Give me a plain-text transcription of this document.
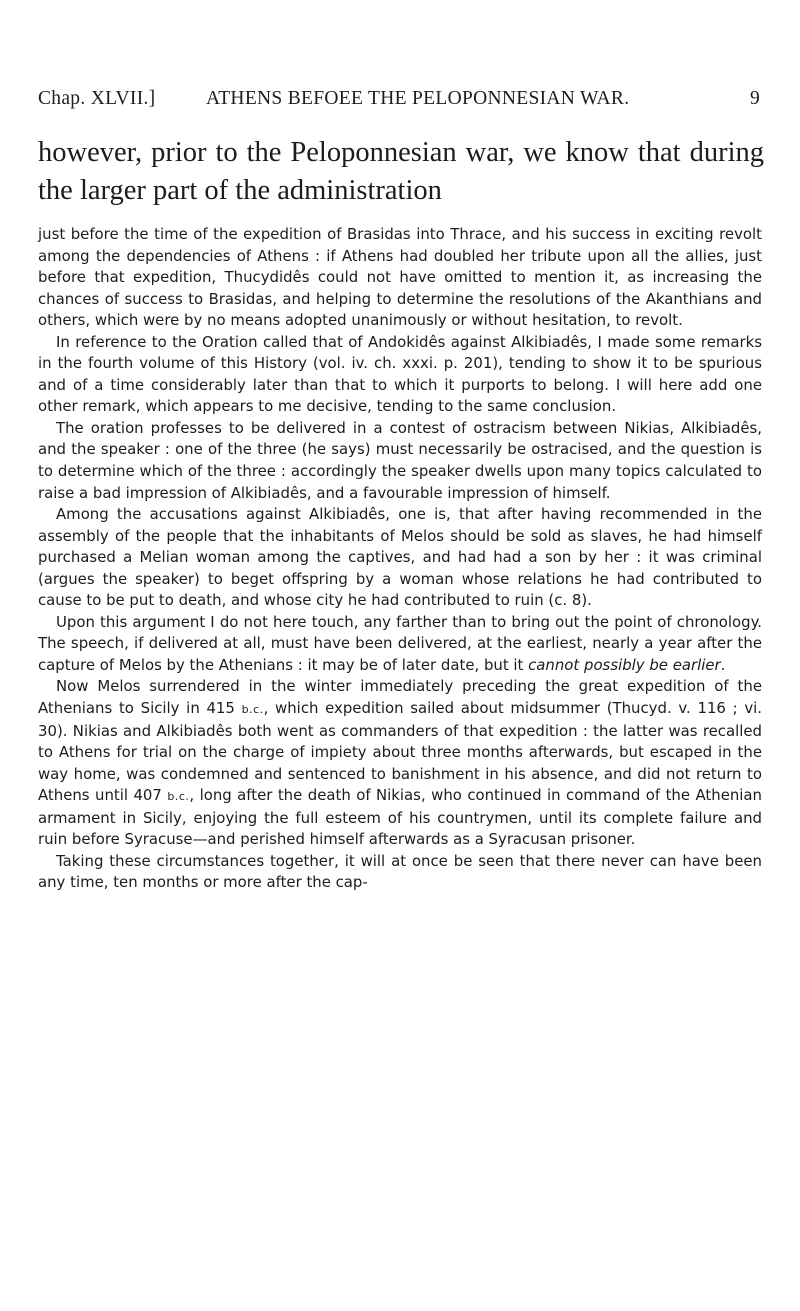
Chap. XLVII.]	ATHENS BEFOEE THE PELOPONNESIAN WAR.	9

however, prior to the Peloponnesian war, we know that during the larger part of the administration

just before the time of the expedition of Brasidas into Thrace, and his success in exciting revolt among the dependencies of Athens : if Athens had doubled her tribute upon all the allies, just before that expedition, Thucydidês could not have omitted to mention it, as increasing the chances of success to Brasidas, and helping to determine the resolutions of the Akanthians and others, which were by no means adopted unanimously or without hesitation, to revolt.

In reference to the Oration called that of Andokidês against Alkibiadês, I made some remarks in the fourth volume of this History (vol. iv. ch. xxxi. p. 201), tending to show it to be spurious and of a time considerably later than that to which it purports to belong. I will here add one other remark, which appears to me decisive, tending to the same conclusion.

The oration professes to be delivered in a contest of ostracism between Nikias, Alkibiadês, and the speaker : one of the three (he says) must necessarily be ostracised, and the question is to determine which of the three : accordingly the speaker dwells upon many topics calculated to raise a bad impression of Alkibiadês, and a favourable impression of himself.

Among the accusations against Alkibiadês, one is, that after having recommended in the assembly of the people that the inhabitants of Melos should be sold as slaves, he had himself purchased a Melian woman among the captives, and had had a son by her : it was criminal (argues the speaker) to beget offspring by a woman whose relations he had contributed to cause to be put to death, and whose city he had contributed to ruin (c. 8).

Upon this argument I do not here touch, any farther than to bring out the point of chronology. The speech, if delivered at all, must have been delivered, at the earliest, nearly a year after the capture of Melos by the Athenians : it may be of later date, but it cannot possibly be earlier.

Now Melos surrendered in the winter immediately preceding the great expedition of the Athenians to Sicily in 415 b.c., which expedition sailed about midsummer (Thucyd. v. 116 ; vi. 30). Nikias and Alkibiadês both went as commanders of that expedition : the latter was recalled to Athens for trial on the charge of impiety about three months afterwards, but escaped in the way home, was condemned and sentenced to banishment in his absence, and did not return to Athens until 407 b.c., long after the death of Nikias, who continued in command of the Athenian armament in Sicily, enjoying the full esteem of his countrymen, until its complete failure and ruin before Syracuse—and perished himself afterwards as a Syracusan prisoner.

Taking these circumstances together, it will at once be seen that there never can have been any time, ten months or more after the cap-
